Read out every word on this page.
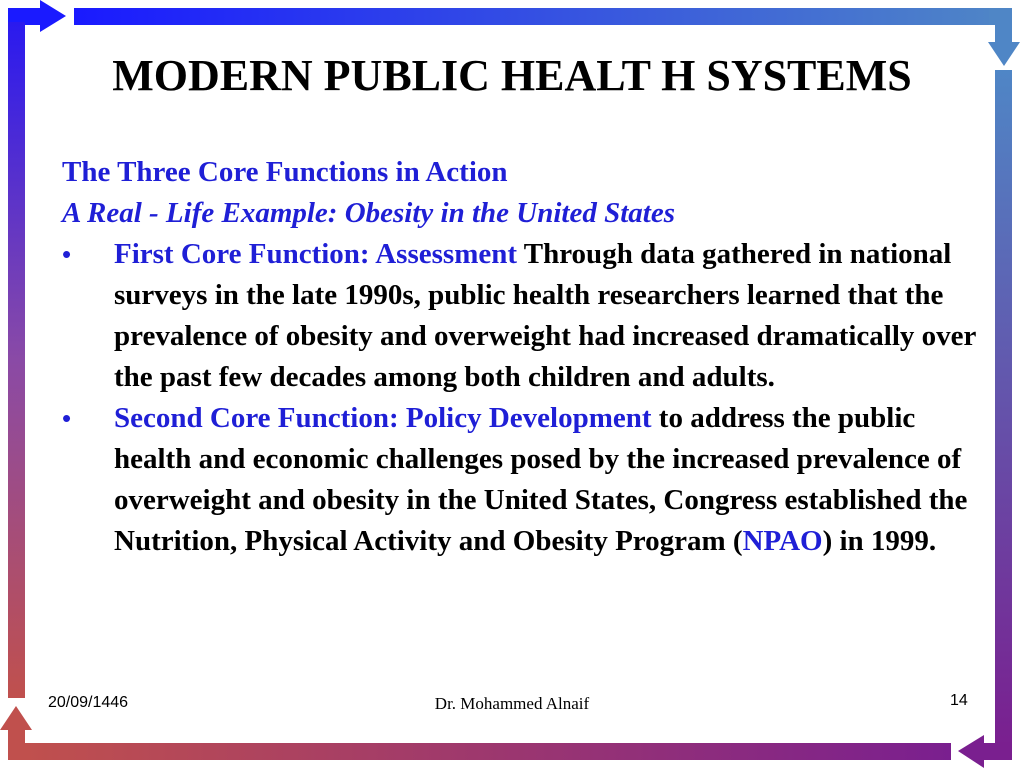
MODERN PUBLIC HEALT H SYSTEMS
The Three Core Functions in Action
A Real - Life Example: Obesity in the United States
• First Core Function: Assessment Through data gathered in national surveys in the late 1990s, public health researchers learned that the prevalence of obesity and overweight had increased dramatically over the past few decades among both children and adults.
• Second Core Function: Policy Development to address the public health and economic challenges posed by the increased prevalence of overweight and obesity in the United States, Congress established the Nutrition, Physical Activity and Obesity Program (NPAO) in 1999.
20/09/1446	Dr. Mohammed Alnaif	14
